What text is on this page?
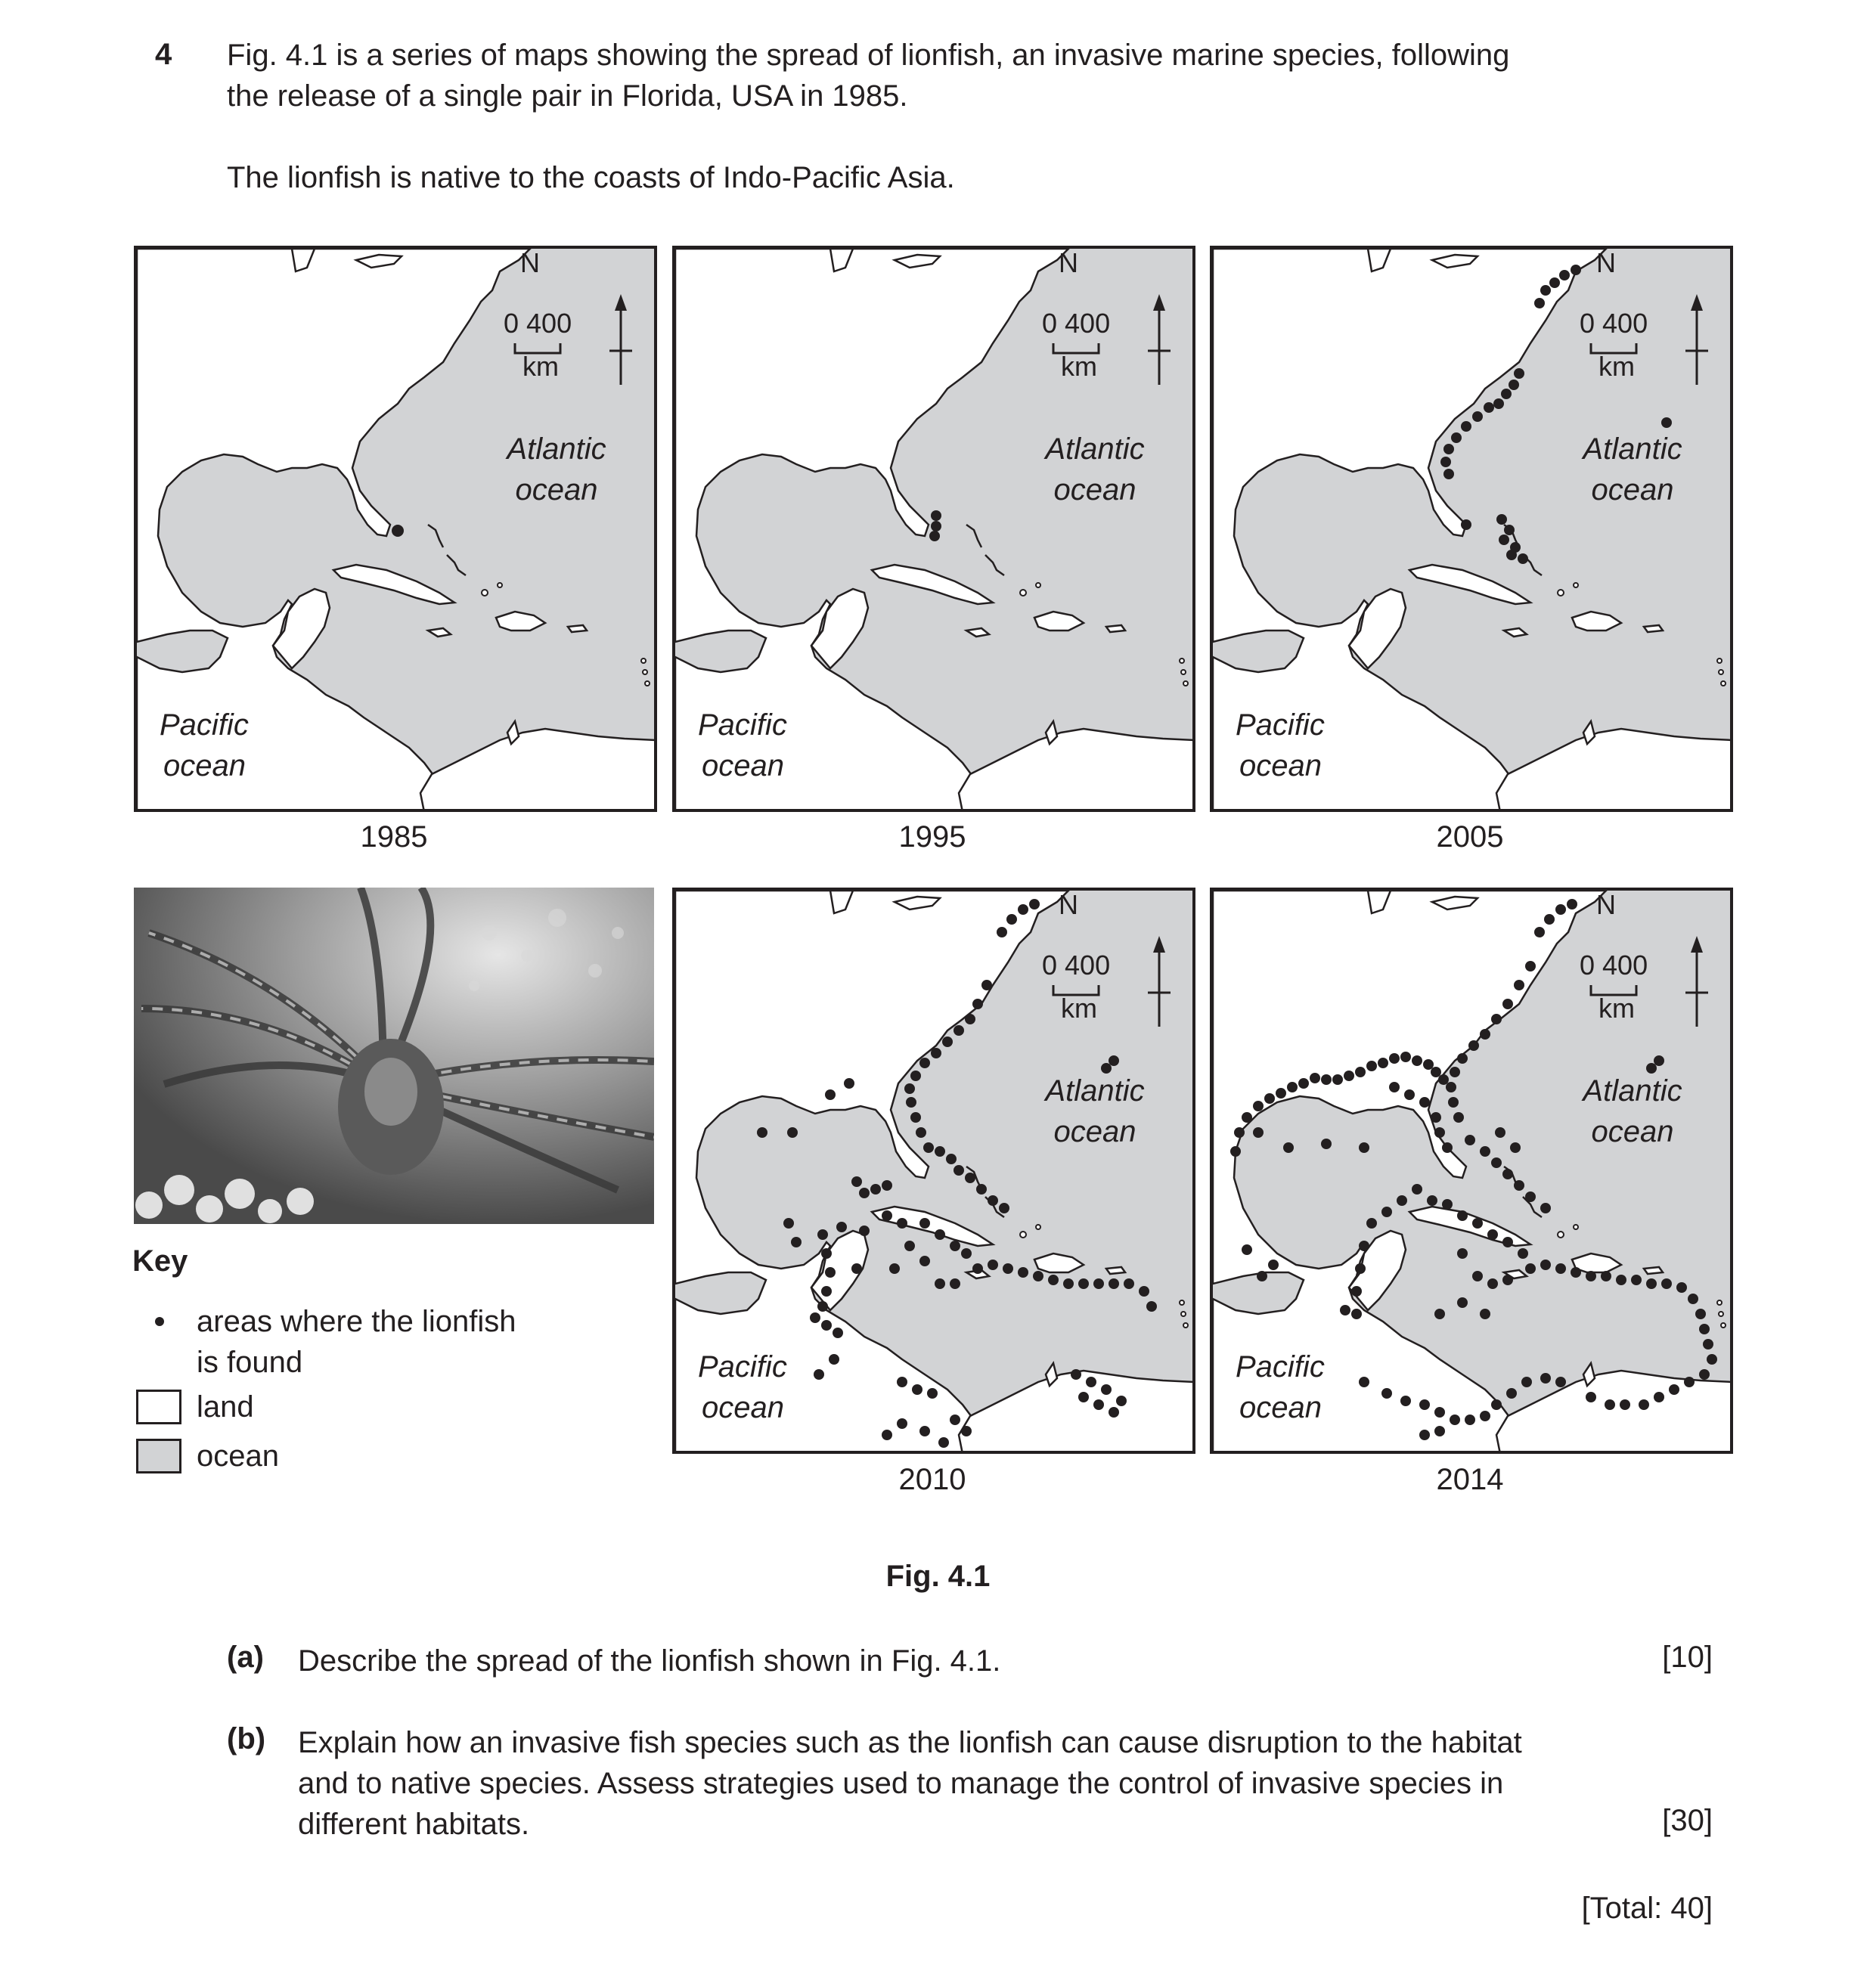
4 Fig. 4.1 is a series of maps showing the spread of lionfish, an invasive marine species, following
the release of a single pair in Florida, USA in 1985.
The lionfish is native to the coasts of Indo-Pacific Asia.
N
0 400
km
Atlantic
ocean
Pacific
ocean
1985
N
0 400
km
Atlantic
ocean
Pacific
ocean
1995
N
0 400
km
Atlantic
ocean
Pacific
ocean
2005
Key
areas where the lionfish
is found
land
ocean
N
0 400
km
Atlantic
ocean
Pacific
ocean
2010
N
0 400
km
Atlantic
ocean
Pacific
ocean
2014
Fig. 4.1
(a) Describe the spread of the lionfish shown in Fig. 4.1.	[10]
(b) Explain how an invasive fish species such as the lionfish can cause disruption to the habitat
and to native species. Assess strategies used to manage the control of invasive species in
different habitats.	[30]
[Total: 40]
